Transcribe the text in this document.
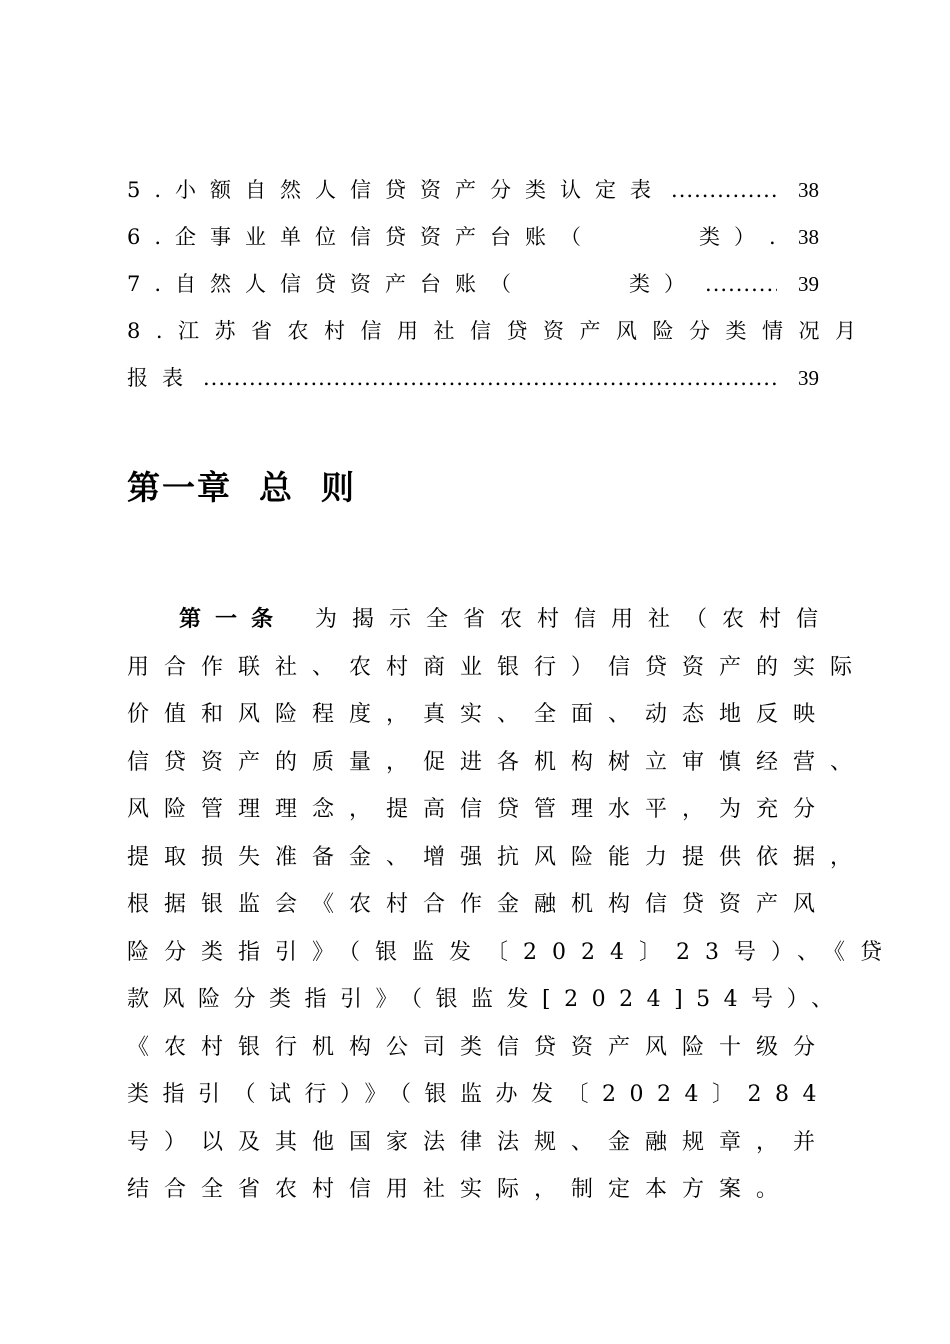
5.小额自然人信贷资产分类认定表 .....	38
6.企事业单位信贷资产台账（	类） .....	38
7.自然人信贷资产台账（	类） .....	39
8.江苏省农村信用社信贷资产风险分类情况月
报表 .....	39
第一章  总  则
第一条 为揭示全省农村信用社（农村信
用合作联社、农村商业银行）信贷资产的实际
价值和风险程度，真实、全面、动态地反映
信贷资产的质量，促进各机构树立审慎经营、
风险管理理念，提高信贷管理水平，为充分
提取损失准备金、增强抗风险能力提供依据，
根据银监会《农村合作金融机构信贷资产风
险分类指引》（银监发〔2024〕23号）、《贷
款风险分类指引》（银监发[2024]54号）、
《农村银行机构公司类信贷资产风险十级分
类指引（试行）》（银监办发〔2024〕284
号）以及其他国家法律法规、金融规章，并
结合全省农村信用社实际，制定本方案。
